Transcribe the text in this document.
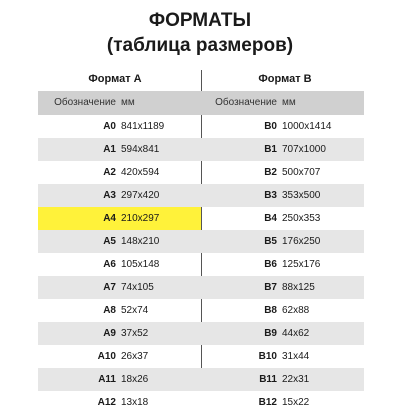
ФОРМАТЫ
(таблица размеров)
Формат A	Формат B
Обозначение мм	Обозначение мм
A0 841x1189	B0 1000x1414
A1 594x841	B1 707x1000
A2 420x594	B2 500x707
A3 297x420	B3 353x500
A4 210x297	B4 250x353
A5 148x210	B5 176x250
A6 105x148	B6 125x176
A7 74x105	B7 88x125
A8 52x74	B8 62x88
A9 37x52	B9 44x62
A10 26x37	B10 31x44
A11 18x26	B11 22x31
A12 13x18	B12 15x22
